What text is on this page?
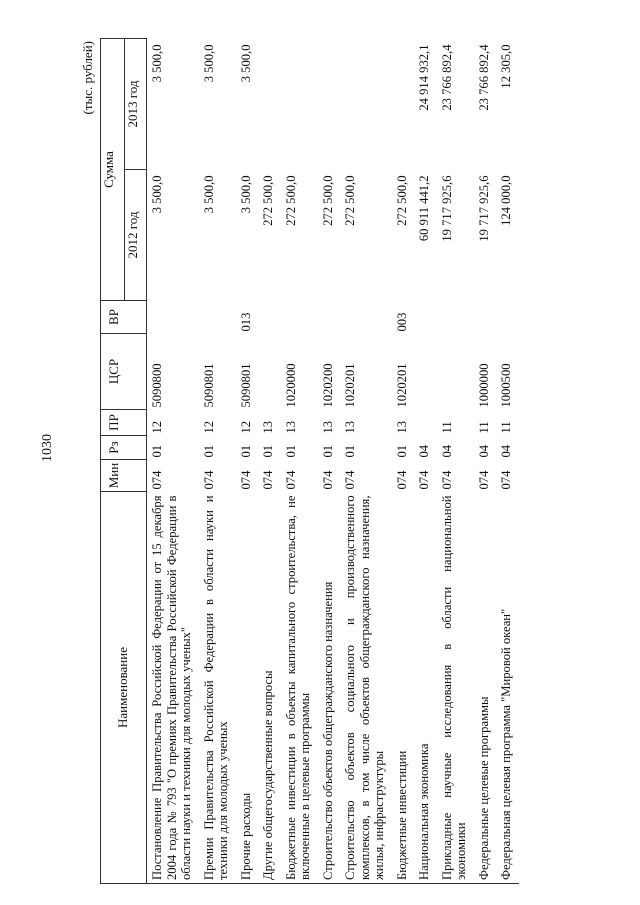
1030
(тыс. рублей)
Наименование	Мин	Рз	ПР	ЦСР	ВР	Сумма	
						2012 год	2013 год
Постановление Правительства Российской Федерации от 15 декабря 2004 года № 793 "О премиях Правительства Российской Федерации в области науки и техники для молодых ученых"	074	01	12	5090800		3 500,0	3 500,0
Премии Правительства Российской Федерации в области науки и техники для молодых ученых	074	01	12	5090801		3 500,0	3 500,0
Прочие расходы	074	01	12	5090801	013	3 500,0	3 500,0
Другие общегосударственные вопросы	074	01	13			272 500,0	
Бюджетные инвестиции в объекты капитального строительства, не включенные в целевые программы	074	01	13	1020000		272 500,0	
Строительство объектов общегражданского назначения	074	01	13	1020200		272 500,0	
Строительство объектов социального и производственного комплексов, в том числе объектов общегражданского назначения, жилья, инфраструктуры	074	01	13	1020201		272 500,0	
Бюджетные инвестиции	074	01	13	1020201	003	272 500,0	
Национальная экономика	074	04				60 911 441,2	24 914 932,1
Прикладные научные исследования в области национальной экономики	074	04	11			19 717 925,6	23 766 892,4
Федеральные целевые программы	074	04	11	1000000		19 717 925,6	23 766 892,4
Федеральная целевая программа "Мировой океан"	074	04	11	1000500		124 000,0	12 305,0
